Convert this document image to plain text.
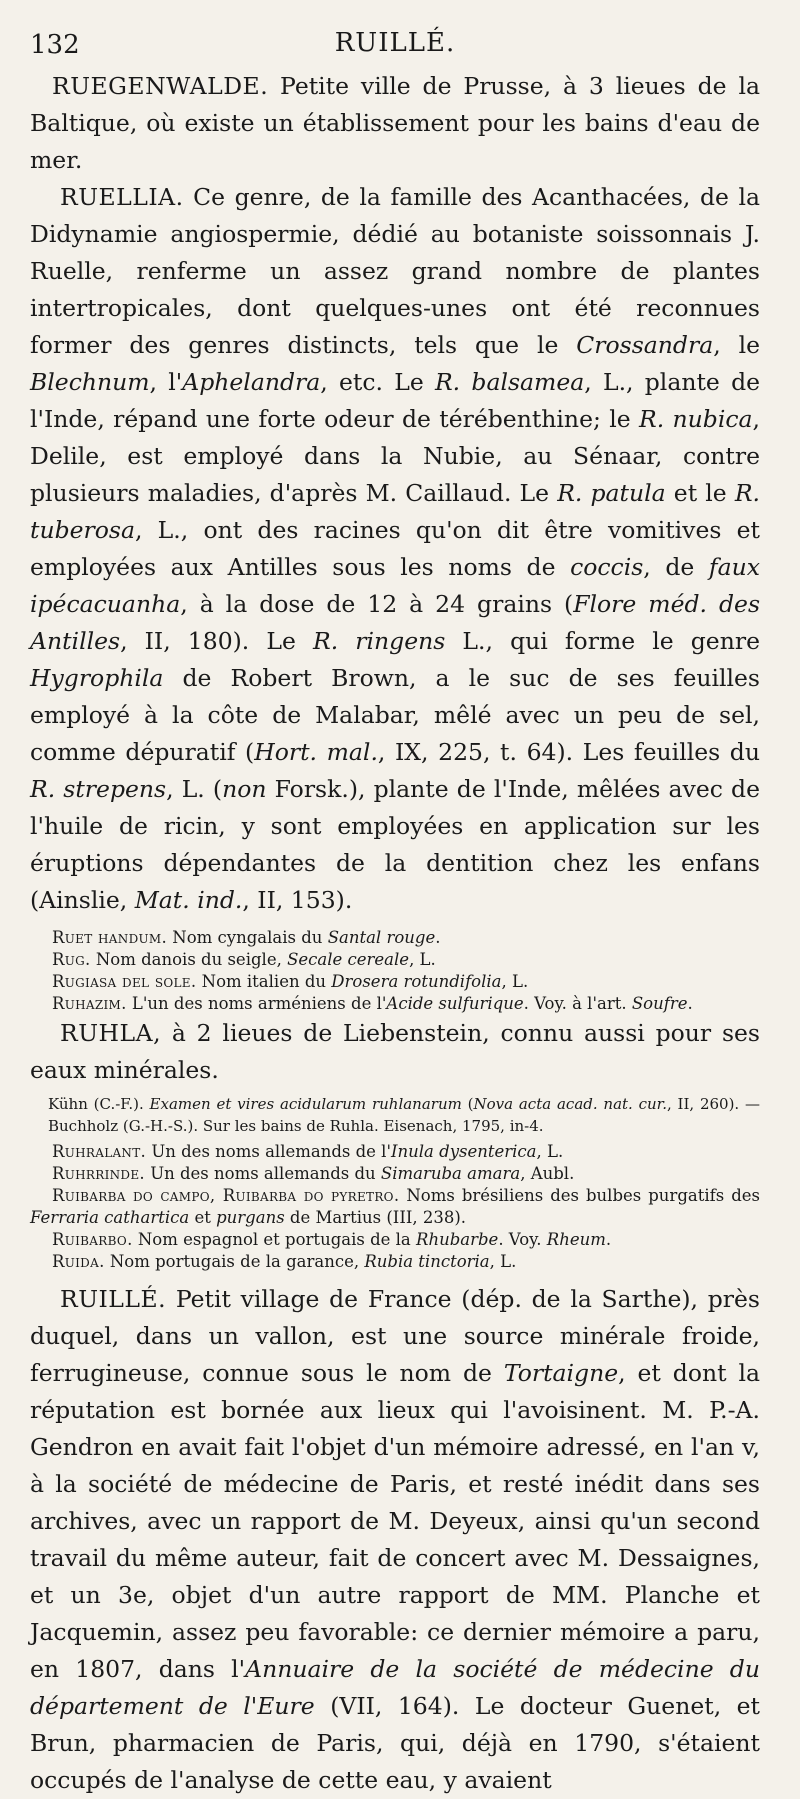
132	RUILLÉ.

RUEGENWALDE. Petite ville de Prusse, à 3 lieues de la Baltique, où existe un établissement pour les bains d'eau de mer.

RUELLIA. Ce genre, de la famille des Acanthacées, de la Didynamie angiospermie, dédié au botaniste soissonnais J. Ruelle, renferme un assez grand nombre de plantes intertropicales, dont quelques-unes ont été reconnues former des genres distincts, tels que le Crossandra, le Blechnum, l'Aphelandra, etc. Le R. balsamea, L., plante de l'Inde, répand une forte odeur de térébenthine; le R. nubica, Delile, est employé dans la Nubie, au Sénaar, contre plusieurs maladies, d'après M. Caillaud. Le R. patula et le R. tuberosa, L., ont des racines qu'on dit être vomitives et employées aux Antilles sous les noms de coccis, de faux ipécacuanha, à la dose de 12 à 24 grains (Flore méd. des Antilles, II, 180). Le R. ringens L., qui forme le genre Hygrophila de Robert Brown, a le suc de ses feuilles employé à la côte de Malabar, mêlé avec un peu de sel, comme dépuratif (Hort. mal., IX, 225, t. 64). Les feuilles du R. strepens, L. (non Forsk.), plante de l'Inde, mêlées avec de l'huile de ricin, y sont employées en application sur les éruptions dépendantes de la dentition chez les enfans (Ainslie, Mat. ind., II, 153).

Ruet handum. Nom cyngalais du Santal rouge.

Rug. Nom danois du seigle, Secale cereale, L.

Rugiasa del sole. Nom italien du Drosera rotundifolia, L.

Ruhazim. L'un des noms arméniens de l'Acide sulfurique. Voy. à l'art. Soufre.

RUHLA, à 2 lieues de Liebenstein, connu aussi pour ses eaux minérales.

Kühn (C.-F.). Examen et vires acidularum ruhlanarum (Nova acta acad. nat. cur., II, 260). — Buchholz (G.-H.-S.). Sur les bains de Ruhla. Eisenach, 1795, in-4.

Ruhralant. Un des noms allemands de l'Inula dysenterica, L.

Ruhrrinde. Un des noms allemands du Simaruba amara, Aubl.

Ruibarba do campo, Ruibarba do pyretro. Noms brésiliens des bulbes purgatifs des Ferraria cathartica et purgans de Martius (III, 238).

Ruibarbo. Nom espagnol et portugais de la Rhubarbe. Voy. Rheum.

Ruida. Nom portugais de la garance, Rubia tinctoria, L.

RUILLÉ. Petit village de France (dép. de la Sarthe), près duquel, dans un vallon, est une source minérale froide, ferrugineuse, connue sous le nom de Tortaigne, et dont la réputation est bornée aux lieux qui l'avoisinent. M. P.-A. Gendron en avait fait l'objet d'un mémoire adressé, en l'an v, à la société de médecine de Paris, et resté inédit dans ses archives, avec un rapport de M. Deyeux, ainsi qu'un second travail du même auteur, fait de concert avec M. Dessaignes, et un 3e, objet d'un autre rapport de MM. Planche et Jacquemin, assez peu favorable: ce dernier mémoire a paru, en 1807, dans l'Annuaire de la société de médecine du département de l'Eure (VII, 164). Le docteur Guenet, et Brun, pharmacien de Paris, qui, déjà en 1790, s'étaient occupés de l'analyse de cette eau, y avaient
